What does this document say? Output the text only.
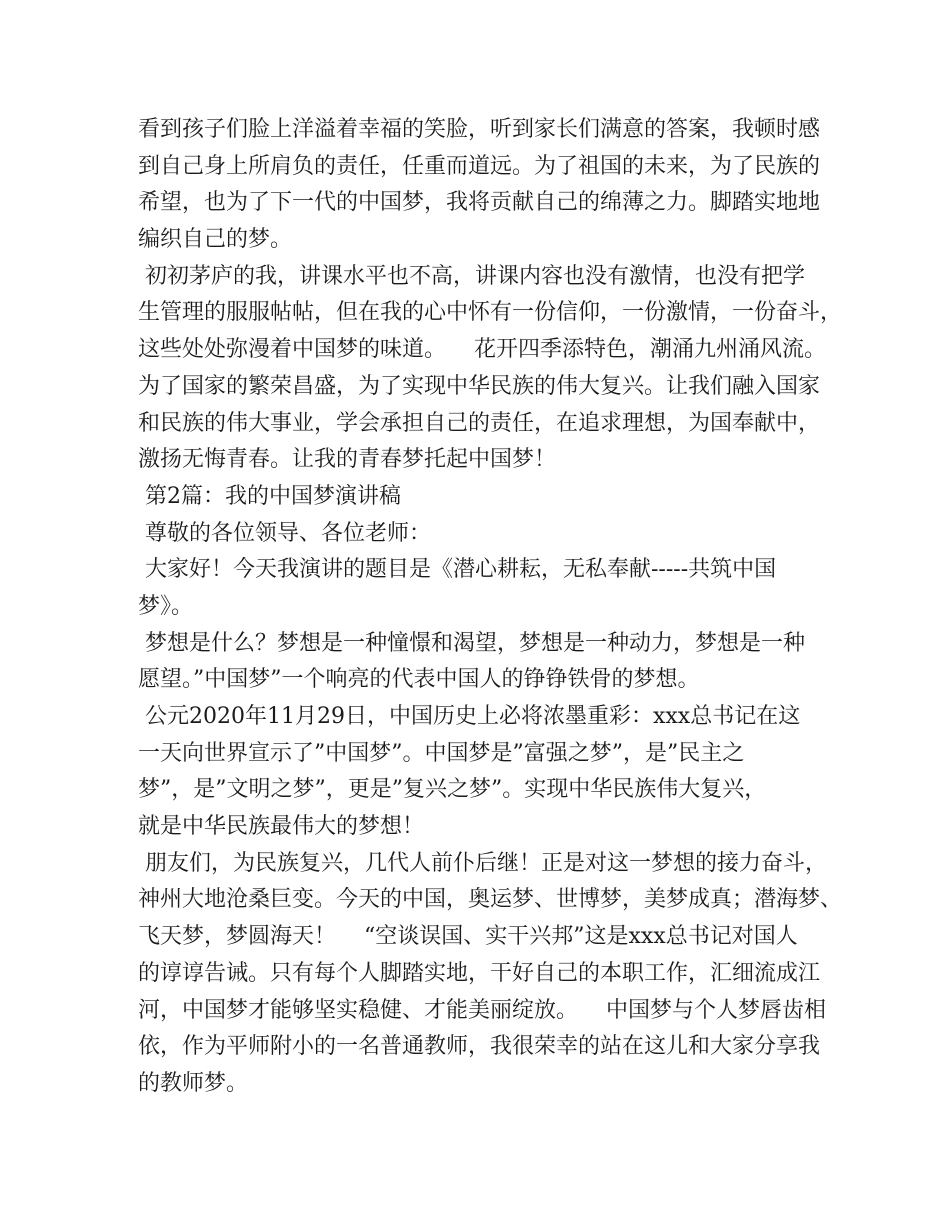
看到孩子们脸上洋溢着幸福的笑脸，听到家长们满意的答案，我顿时感
到自己身上所肩负的责任，任重而道远。为了祖国的未来，为了民族的
希望，也为了下一代的中国梦，我将贡献自己的绵薄之力。脚踏实地地
编织自己的梦。
初初茅庐的我，讲课水平也不高，讲课内容也没有激情，也没有把学
生管理的服服帖帖，但在我的心中怀有一份信仰，一份激情，一份奋斗，
这些处处弥漫着中国梦的味道。    花开四季添特色，潮涌九州涌风流。
为了国家的繁荣昌盛，为了实现中华民族的伟大复兴。让我们融入国家
和民族的伟大事业，学会承担自己的责任，在追求理想，为国奉献中，
激扬无悔青春。让我的青春梦托起中国梦！
第2篇：我的中国梦演讲稿
尊敬的各位领导、各位老师：
大家好！今天我演讲的题目是《潜心耕耘，无私奉献-----共筑中国
梦》。
梦想是什么？梦想是一种憧憬和渴望，梦想是一种动力，梦想是一种
愿望。”中国梦”一个响亮的代表中国人的铮铮铁骨的梦想。
公元2020年11月29日，中国历史上必将浓墨重彩：xxx总书记在这
一天向世界宣示了”中国梦”。中国梦是”富强之梦”，是”民主之
梦”，是”文明之梦”，更是”复兴之梦”。实现中华民族伟大复兴，
就是中华民族最伟大的梦想！
朋友们，为民族复兴，几代人前仆后继！正是对这一梦想的接力奋斗，
神州大地沧桑巨变。今天的中国，奥运梦、世博梦，美梦成真；潜海梦、
飞天梦，梦圆海天！    “空谈误国、实干兴邦”这是xxx总书记对国人
的谆谆告诫。只有每个人脚踏实地，干好自己的本职工作，汇细流成江
河，中国梦才能够坚实稳健、才能美丽绽放。    中国梦与个人梦唇齿相
依，作为平师附小的一名普通教师，我很荣幸的站在这儿和大家分享我
的教师梦。
